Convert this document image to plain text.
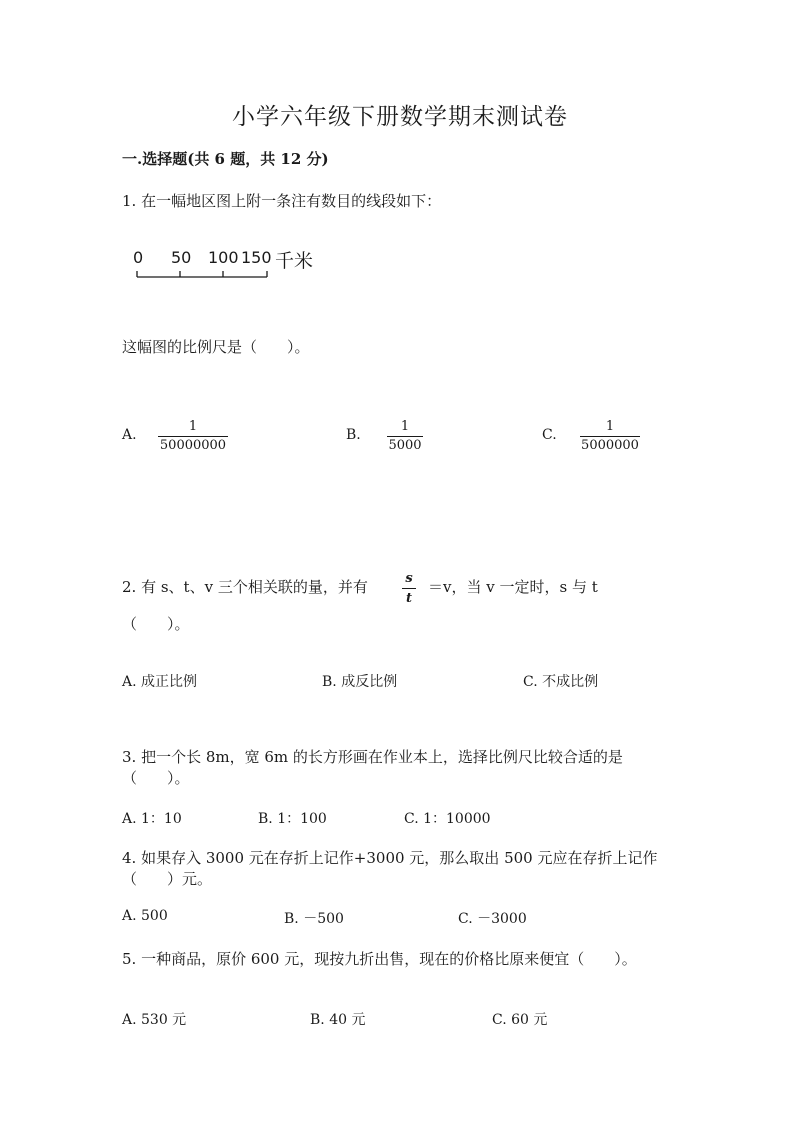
小学六年级下册数学期末测试卷
一.选择题(共 6 题，共 12 分)
1. 在一幅地区图上附一条注有数目的线段如下：
0 50 100 150 千米
这幅图的比例尺是（　　）。
A.
1
50000000
B.
1
5000
C.
1
5000000
2. 有 s、t、v 三个相关联的量，并有	s
t
＝v，当 v 一定时，s 与 t
（　　）。
A. 成正比例	B. 成反比例	C. 不成比例
3. 把一个长 8m，宽 6m 的长方形画在作业本上，选择比例尺比较合适的是
（　　）。
A. 1：10	B. 1：100	C. 1：10000
4. 如果存入 3000 元在存折上记作+3000 元，那么取出 500 元应在存折上记作
（　　）元。
A. 500	B. －500	C. －3000
5. 一种商品，原价 600 元，现按九折出售，现在的价格比原来便宜（　　）。
A. 530 元	B. 40 元	C. 60 元
